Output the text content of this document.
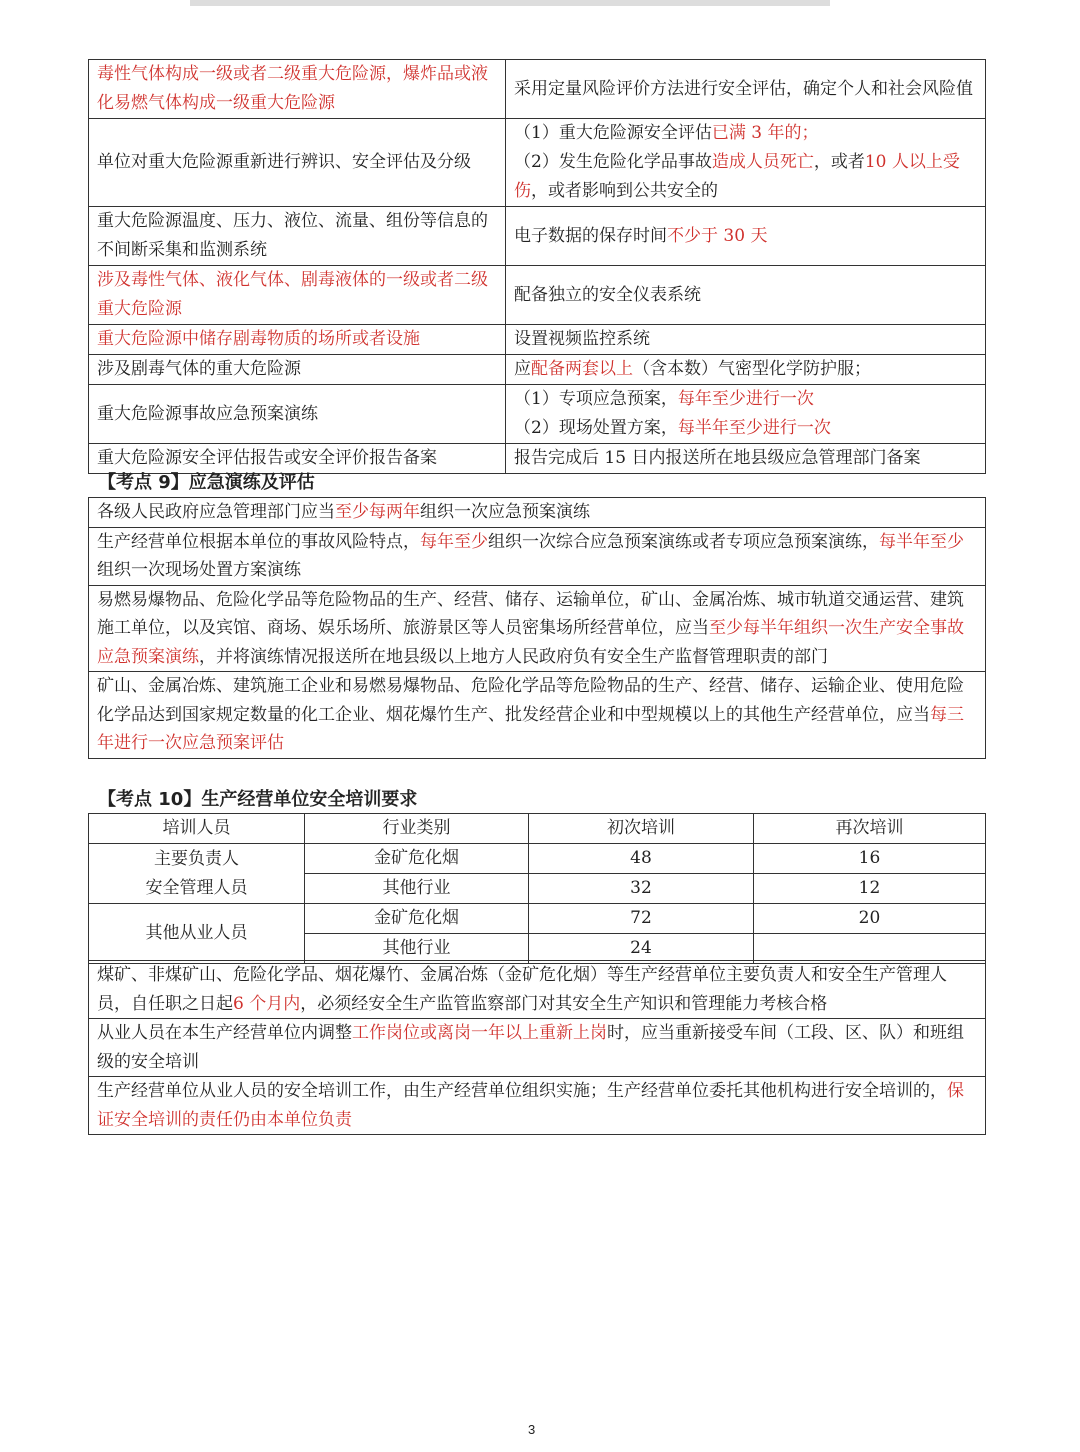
毒性气体构成一级或者二级重大危险源，爆炸品或液化易燃气体构成一级重大危险源	采用定量风险评价方法进行安全评估，确定个人和社会风险值
单位对重大危险源重新进行辨识、安全评估及分级	（1）重大危险源安全评估已满 3 年的；
（2）发生危险化学品事故造成人员死亡，或者10 人以上受伤，或者影响到公共安全的
重大危险源温度、压力、液位、流量、组份等信息的不间断采集和监测系统	电子数据的保存时间不少于 30 天
涉及毒性气体、液化气体、剧毒液体的一级或者二级重大危险源	配备独立的安全仪表系统
重大危险源中储存剧毒物质的场所或者设施	设置视频监控系统
涉及剧毒气体的重大危险源	应配备两套以上（含本数）气密型化学防护服；
重大危险源事故应急预案演练	（1）专项应急预案，每年至少进行一次
（2）现场处置方案，每半年至少进行一次
重大危险源安全评估报告或安全评价报告备案	报告完成后 15 日内报送所在地县级应急管理部门备案
【考点 9】应急演练及评估
各级人民政府应急管理部门应当至少每两年组织一次应急预案演练
生产经营单位根据本单位的事故风险特点，每年至少组织一次综合应急预案演练或者专项应急预案演练，每半年至少组织一次现场处置方案演练
易燃易爆物品、危险化学品等危险物品的生产、经营、储存、运输单位，矿山、金属冶炼、城市轨道交通运营、建筑施工单位，以及宾馆、商场、娱乐场所、旅游景区等人员密集场所经营单位，应当至少每半年组织一次生产安全事故应急预案演练，并将演练情况报送所在地县级以上地方人民政府负有安全生产监督管理职责的部门
矿山、金属冶炼、建筑施工企业和易燃易爆物品、危险化学品等危险物品的生产、经营、储存、运输企业、使用危险化学品达到国家规定数量的化工企业、烟花爆竹生产、批发经营企业和中型规模以上的其他生产经营单位，应当每三年进行一次应急预案评估
【考点 10】生产经营单位安全培训要求
培训人员	行业类别	初次培训	再次培训
主要负责人
安全管理人员	金矿危化烟	48	16
	其他行业	32	12
其他从业人员	金矿危化烟	72	20
	其他行业	24	
煤矿、非煤矿山、危险化学品、烟花爆竹、金属冶炼（金矿危化烟）等生产经营单位主要负责人和安全生产管理人员，自任职之日起6 个月内，必须经安全生产监管监察部门对其安全生产知识和管理能力考核合格
从业人员在本生产经营单位内调整工作岗位或离岗一年以上重新上岗时，应当重新接受车间（工段、区、队）和班组级的安全培训
生产经营单位从业人员的安全培训工作，由生产经营单位组织实施；生产经营单位委托其他机构进行安全培训的，保证安全培训的责任仍由本单位负责
3
